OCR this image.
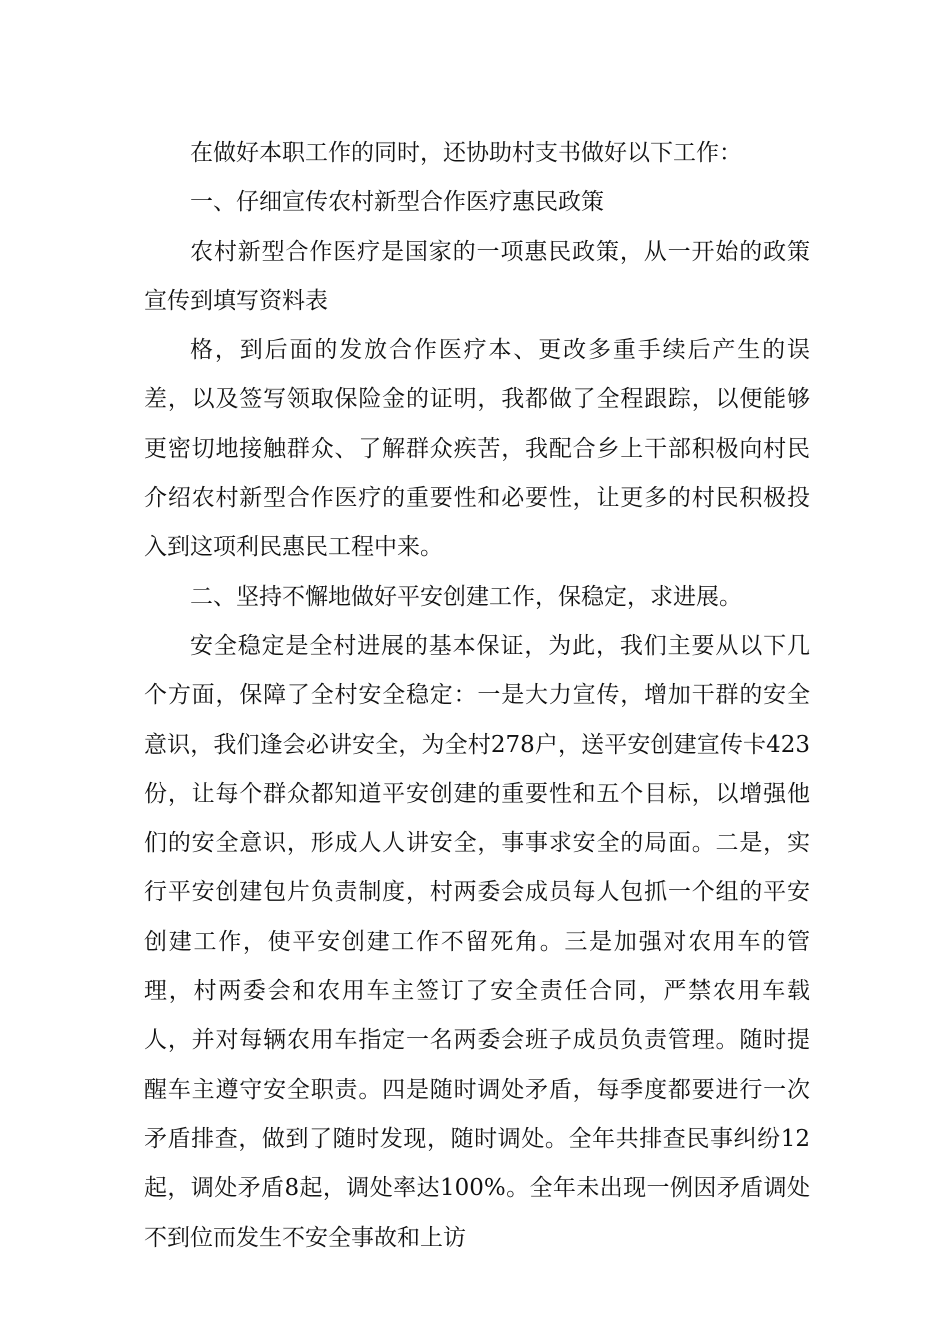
在做好本职工作的同时，还协助村支书做好以下工作：

一、仔细宣传农村新型合作医疗惠民政策

农村新型合作医疗是国家的一项惠民政策，从一开始的政策宣传到填写资料表

格，到后面的发放合作医疗本、更改多重手续后产生的误差，以及签写领取保险金的证明，我都做了全程跟踪，以便能够更密切地接触群众、了解群众疾苦，我配合乡上干部积极向村民介绍农村新型合作医疗的重要性和必要性，让更多的村民积极投入到这项利民惠民工程中来。

二、坚持不懈地做好平安创建工作，保稳定，求进展。

安全稳定是全村进展的基本保证，为此，我们主要从以下几个方面，保障了全村安全稳定：一是大力宣传，增加干群的安全意识，我们逢会必讲安全，为全村278户，送平安创建宣传卡423份，让每个群众都知道平安创建的重要性和五个目标，以增强他们的安全意识，形成人人讲安全，事事求安全的局面。二是，实行平安创建包片负责制度，村两委会成员每人包抓一个组的平安创建工作，使平安创建工作不留死角。三是加强对农用车的管理，村两委会和农用车主签订了安全责任合同，严禁农用车载人，并对每辆农用车指定一名两委会班子成员负责管理。随时提醒车主遵守安全职责。四是随时调处矛盾，每季度都要进行一次矛盾排查，做到了随时发现，随时调处。全年共排查民事纠纷12起，调处矛盾8起，调处率达100%。全年未出现一例因矛盾调处不到位而发生不安全事故和上访
